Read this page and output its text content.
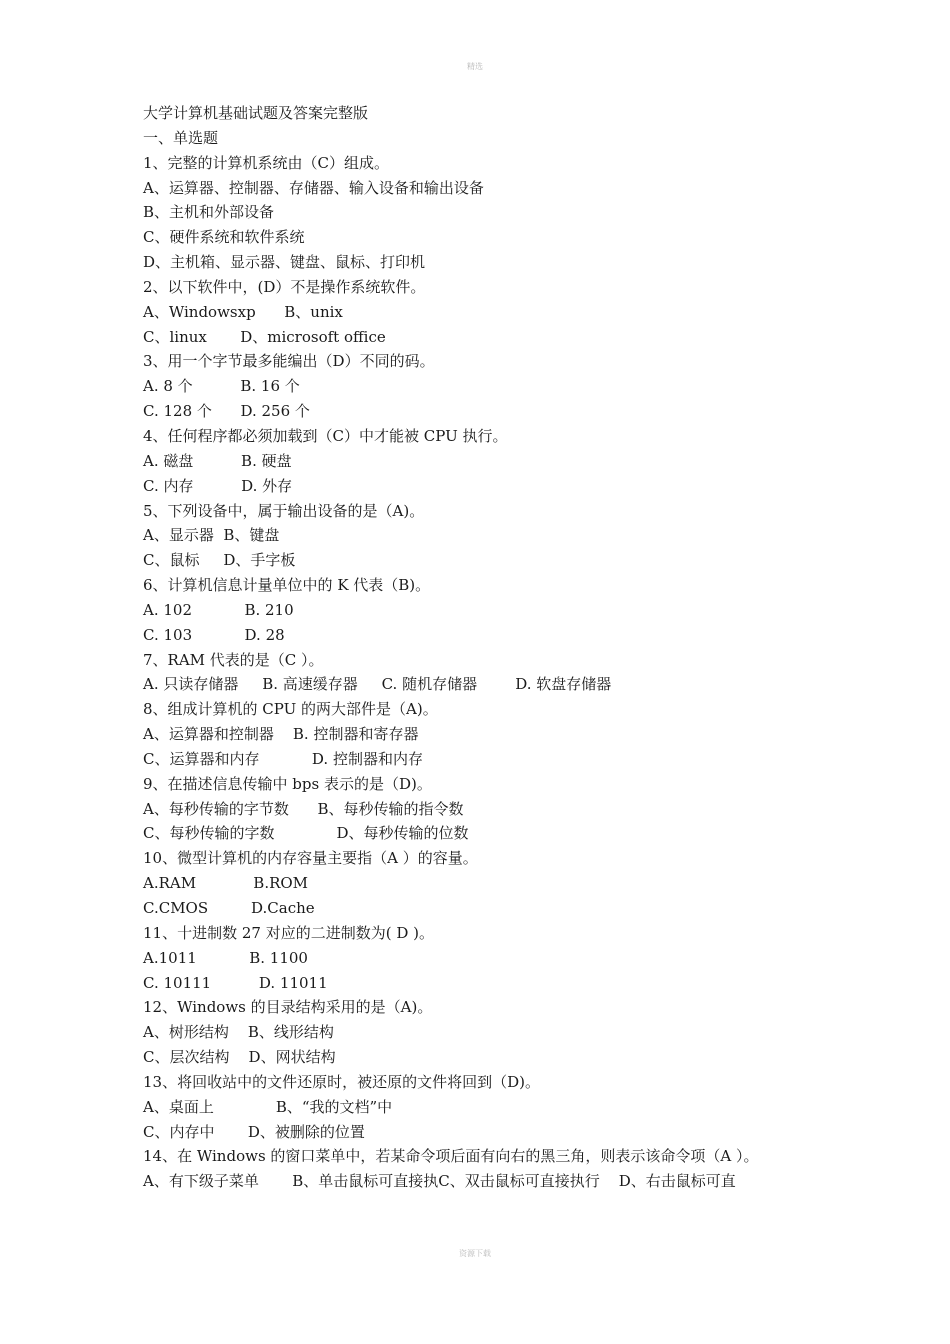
精选
大学计算机基础试题及答案完整版
一、单选题
1、完整的计算机系统由（C）组成。
A、运算器、控制器、存储器、输入设备和输出设备
B、主机和外部设备
C、硬件系统和软件系统
D、主机箱、显示器、键盘、鼠标、打印机
2、以下软件中，(D）不是操作系统软件。
A、Windowsxp      B、unix
C、linux       D、microsoft office
3、用一个字节最多能编出（D）不同的码。
A. 8 个          B. 16 个
C. 128 个      D. 256 个
4、任何程序都必须加载到（C）中才能被 CPU 执行。
A. 磁盘          B. 硬盘
C. 内存          D. 外存
5、下列设备中，属于输出设备的是（A)。
A、显示器  B、键盘
C、鼠标     D、手字板
6、计算机信息计量单位中的 K 代表（B)。
A. 102           B. 210
C. 103           D. 28
7、RAM 代表的是（C ）。
A. 只读存储器     B. 高速缓存器     C. 随机存储器        D. 软盘存储器
8、组成计算机的 CPU 的两大部件是（A)。
A、运算器和控制器    B. 控制器和寄存器
C、运算器和内存           D. 控制器和内存
9、在描述信息传输中 bps 表示的是（D)。
A、每秒传输的字节数      B、每秒传输的指令数
C、每秒传输的字数             D、每秒传输的位数
10、微型计算机的内存容量主要指（A ）的容量。
A.RAM            B.ROM
C.CMOS         D.Cache
11、十进制数 27 对应的二进制数为( D )。
A.1011           B. 1100
C. 10111          D. 11011
12、Windows 的目录结构采用的是（A)。
A、树形结构    B、线形结构
C、层次结构    D、网状结构
13、将回收站中的文件还原时，被还原的文件将回到（D)。
A、桌面上             B、“我的文档”中
C、内存中       D、被删除的位置
14、在 Windows 的窗口菜单中，若某命令项后面有向右的黑三角，则表示该命令项（A ）。
A、有下级子菜单       B、单击鼠标可直接执C、双击鼠标可直接执行    D、右击鼠标可直
资源下载
